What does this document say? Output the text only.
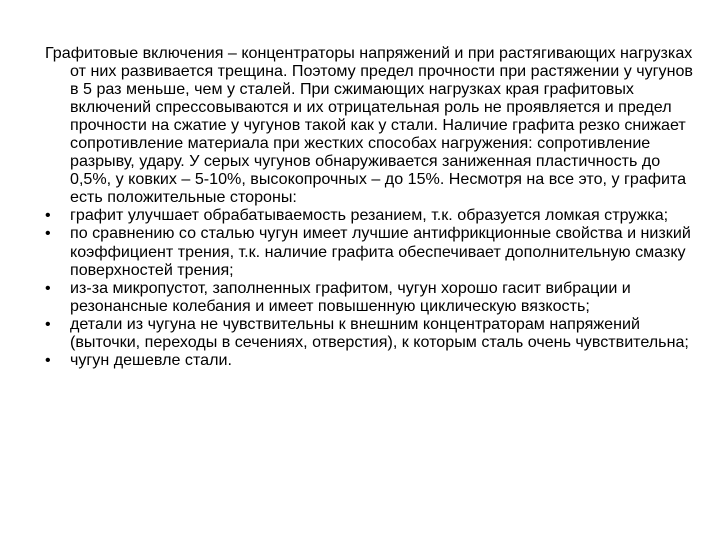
Графитовые включения – концентраторы напряжений и при растягивающих нагрузках от них развивается трещина. Поэтому предел прочности при растяжении у чугунов в 5 раз меньше, чем у сталей. При сжимающих нагрузках края графитовых включений спрессовываются и их отрицательная роль не проявляется и предел прочности на сжатие у чугунов такой как у стали. Наличие графита резко снижает сопротивление материала при жестких способах нагружения: сопротивление разрыву, удару. У серых чугунов обнаруживается заниженная пластичность до 0,5%, у ковких – 5-10%, высокопрочных – до 15%. Несмотря на все это, у графита есть положительные стороны:

• графит улучшает обрабатываемость резанием, т.к. образуется ломкая стружка;
• по сравнению со сталью чугун имеет лучшие антифрикционные свойства и низкий коэффициент трения, т.к. наличие графита обеспечивает дополнительную смазку поверхностей трения;
• из-за микропустот, заполненных графитом, чугун хорошо гасит вибрации и резонансные колебания и имеет повышенную циклическую вязкость;
• детали из чугуна не чувствительны к внешним концентраторам напряжений (выточки, переходы в сечениях, отверстия), к которым сталь очень чувствительна;
• чугун дешевле стали.
